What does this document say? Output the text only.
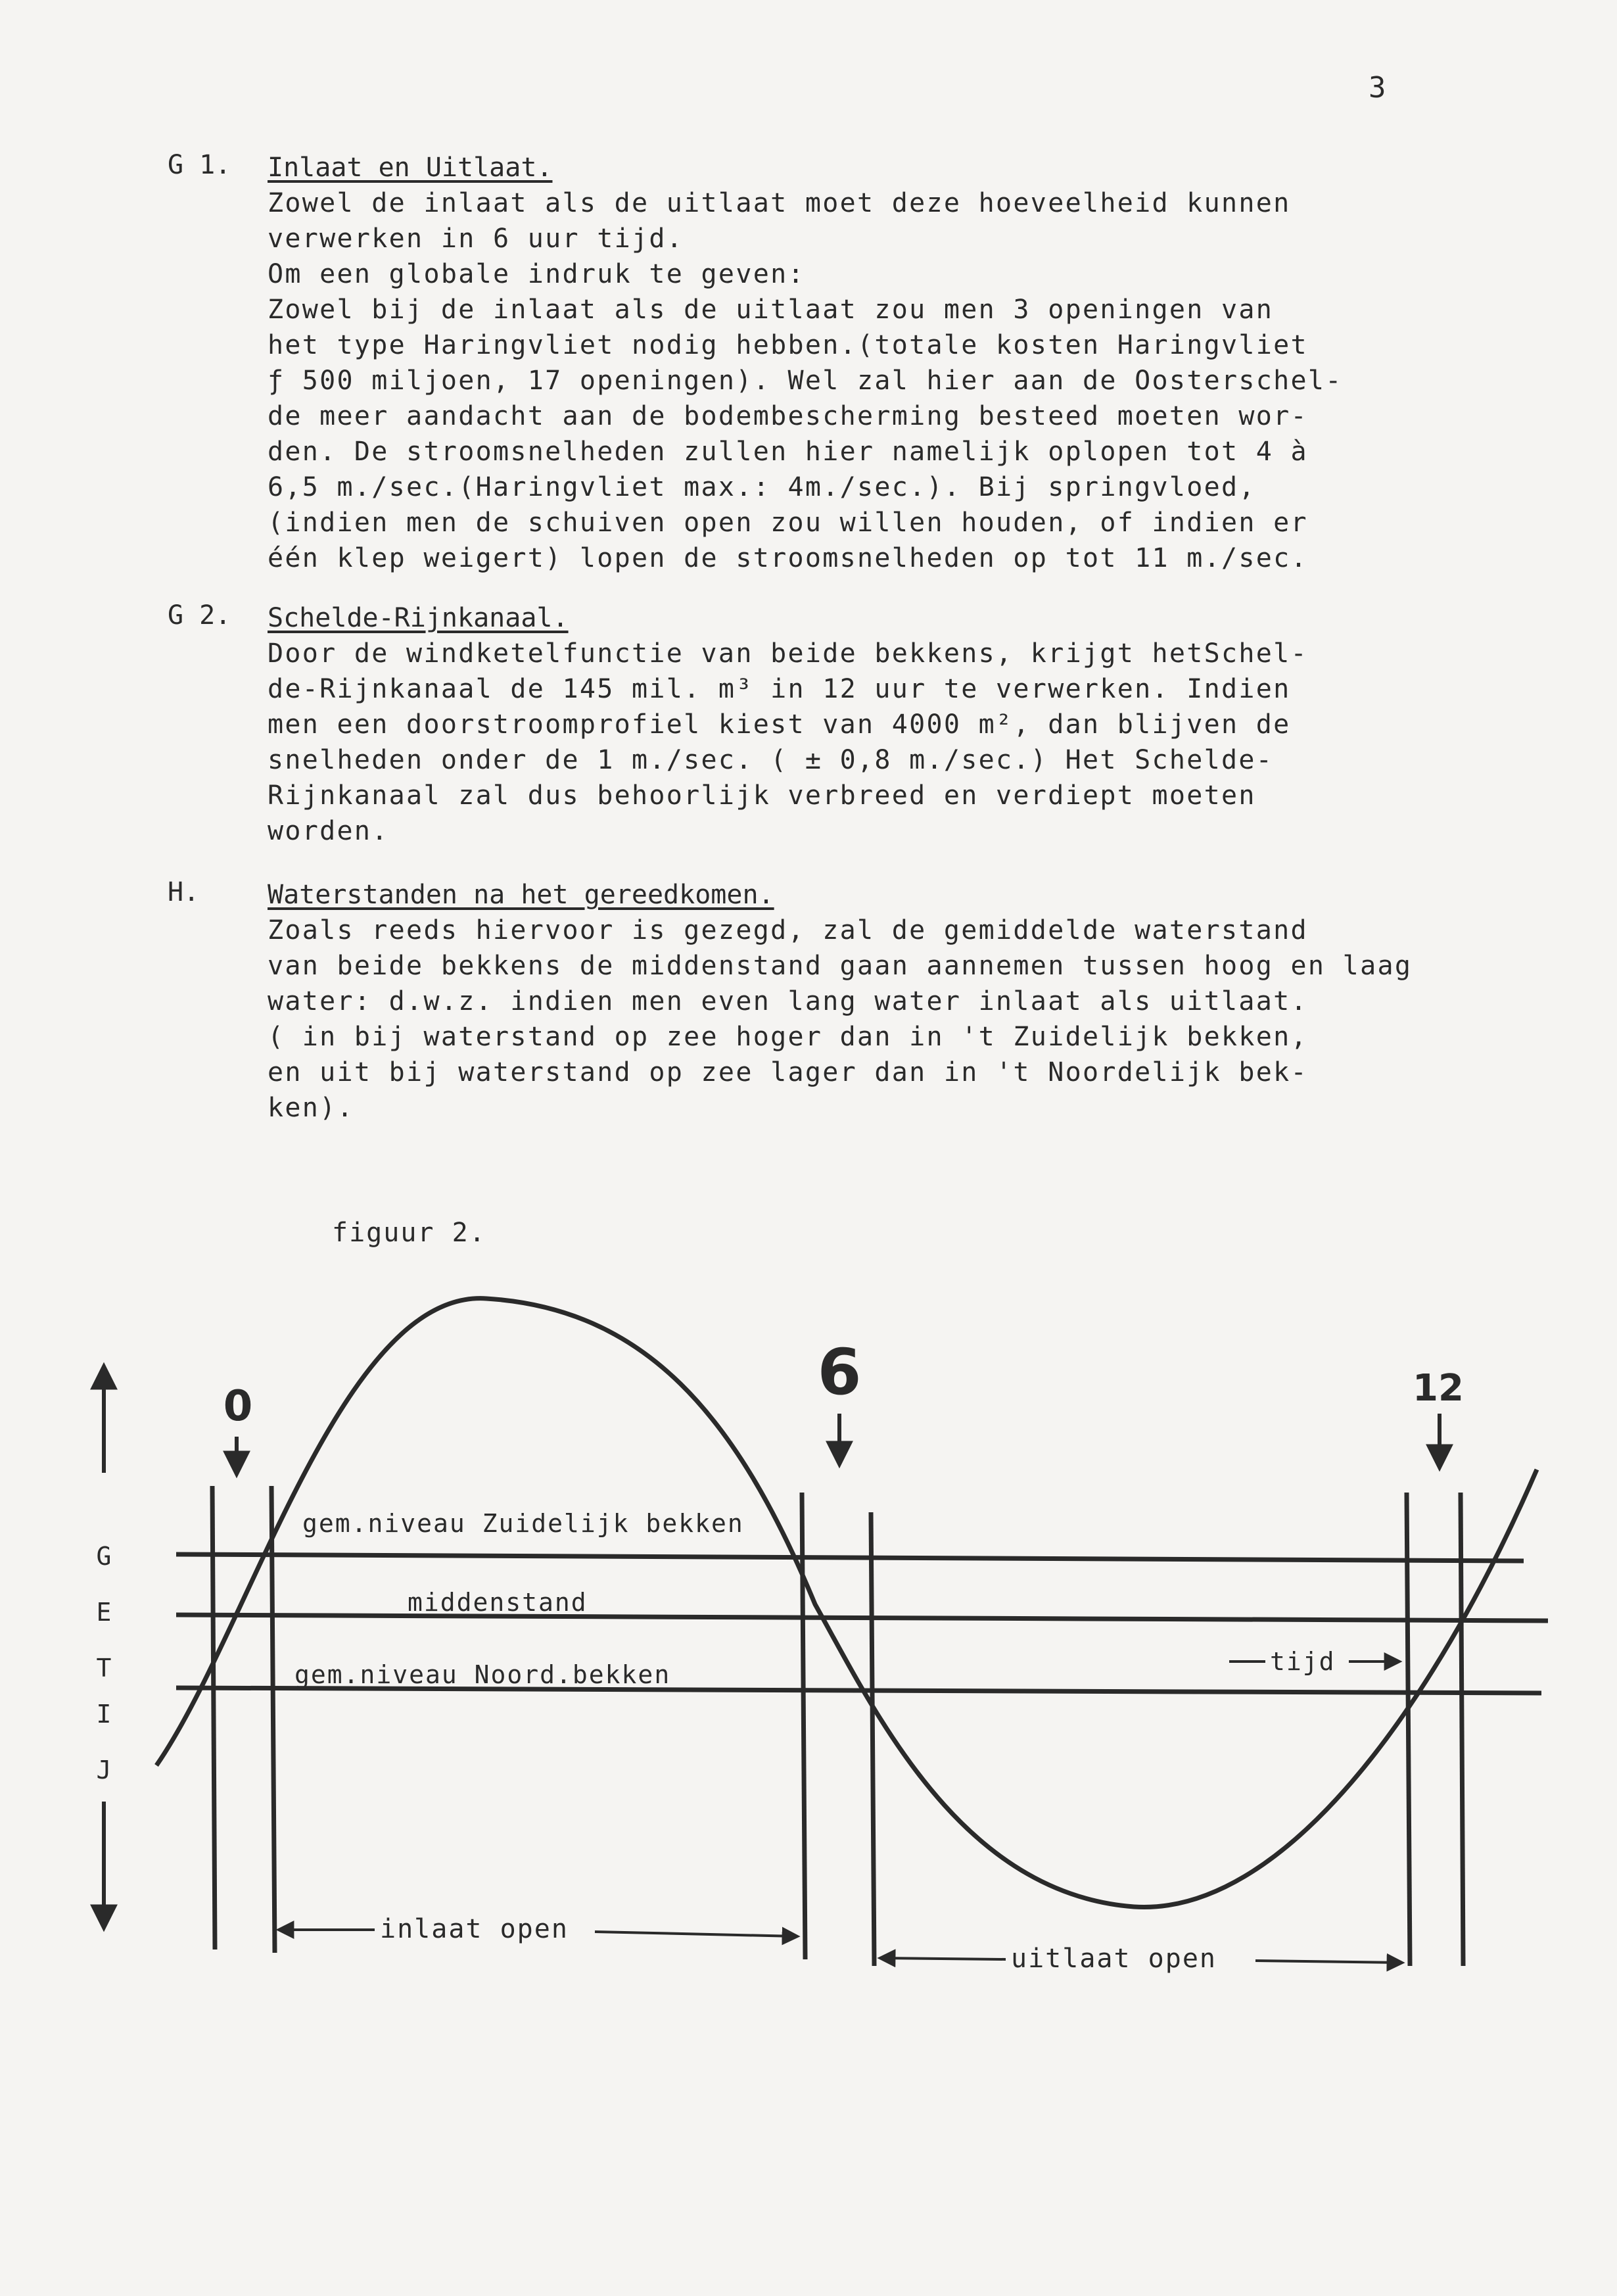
3
G 1. Inlaat en Uitlaat.
Zowel de inlaat als de uitlaat moet deze hoeveelheid kunnen
verwerken in 6 uur tijd.
Om een globale indruk te geven:
Zowel bij de inlaat als de uitlaat zou men 3 openingen van
het type Haringvliet nodig hebben.(totale kosten Haringvliet
ƒ 500 miljoen, 17 openingen). Wel zal hier aan de Oosterschel-
de meer aandacht aan de bodembescherming besteed moeten wor-
den. De stroomsnelheden zullen hier namelijk oplopen tot 4 à
6,5 m./sec.(Haringvliet max.: 4m./sec.). Bij springvloed,
(indien men de schuiven open zou willen houden, of indien er
één klep weigert) lopen de stroomsnelheden op tot 11 m./sec.
G 2. Schelde-Rijnkanaal.
Door de windketelfunctie van beide bekkens, krijgt hetSchel-
de-Rijnkanaal de 145 mil. m³ in 12 uur te verwerken. Indien
men een doorstroomprofiel kiest van 4000 m², dan blijven de
snelheden onder de 1 m./sec. ( ± 0,8 m./sec.) Het Schelde-
Rijnkanaal zal dus behoorlijk verbreed en verdiept moeten
worden.
H.	Waterstanden na het gereedkomen.
Zoals reeds hiervoor is gezegd, zal de gemiddelde waterstand
van beide bekkens de middenstand gaan aannemen tussen hoog en laag
water: d.w.z. indien men even lang water inlaat als uitlaat.
( in bij waterstand op zee hoger dan in 't Zuidelijk bekken,
en uit bij waterstand op zee lager dan in 't Noordelijk bek-
ken).
figuur 2.
G
E
T
I
J
0	6	12
gem.niveau Zuidelijk bekken
middenstand
gem.niveau Noord.bekken	tijd
inlaat open
uitlaat open
